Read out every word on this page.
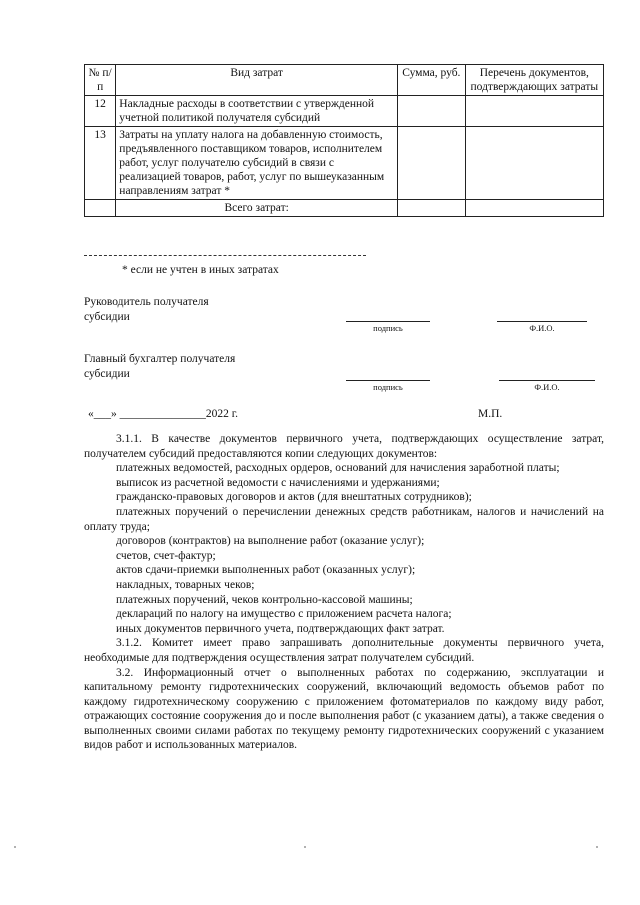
№ п/п	Вид затрат	Сумма, руб.	Перечень документов, подтверждающих затраты
12	Накладные расходы в соответствии с утвержденной учетной политикой получателя субсидий		
13	Затраты на уплату налога на добавленную стоимость, предъявленного поставщиком товаров, исполнителем работ, услуг получателю субсидий в связи с реализацией товаров, работ, услуг по вышеуказанным направлениям затрат *		
	Всего затрат:		
* если не учтен в иных затратах
Руководитель получателя
субсидии
подпись	Ф.И.О.
Главный бухгалтер получателя
субсидии
подпись	Ф.И.О.
«___» _______________2022 г.	М.П.

3.1.1. В качестве документов первичного учета, подтверждающих осуществление затрат, получателем субсидий предоставляются копии следующих документов:

платежных ведомостей, расходных ордеров, оснований для начисления заработной платы;

выписок из расчетной ведомости с начислениями и удержаниями;

гражданско-правовых договоров и актов (для внештатных сотрудников);

платежных поручений о перечислении денежных средств работникам, налогов и начислений на оплату труда;

договоров (контрактов) на выполнение работ (оказание услуг);

счетов, счет-фактур;

актов сдачи-приемки выполненных работ (оказанных услуг);

накладных, товарных чеков;

платежных поручений, чеков контрольно-кассовой машины;

деклараций по налогу на имущество с приложением расчета налога;

иных документов первичного учета, подтверждающих факт затрат.

3.1.2. Комитет имеет право запрашивать дополнительные документы первичного учета, необходимые для подтверждения осуществления затрат получателем субсидий.

3.2. Информационный отчет о выполненных работах по содержанию, эксплуатации и капитальному ремонту гидротехнических сооружений, включающий ведомость объемов работ по каждому гидротехническому сооружению с приложением фотоматериалов по каждому виду работ, отражающих состояние сооружения до и после выполнения работ (с указанием даты), а также сведения о выполненных своими силами работах по текущему ремонту гидротехнических сооружений с указанием видов работ и использованных материалов.
